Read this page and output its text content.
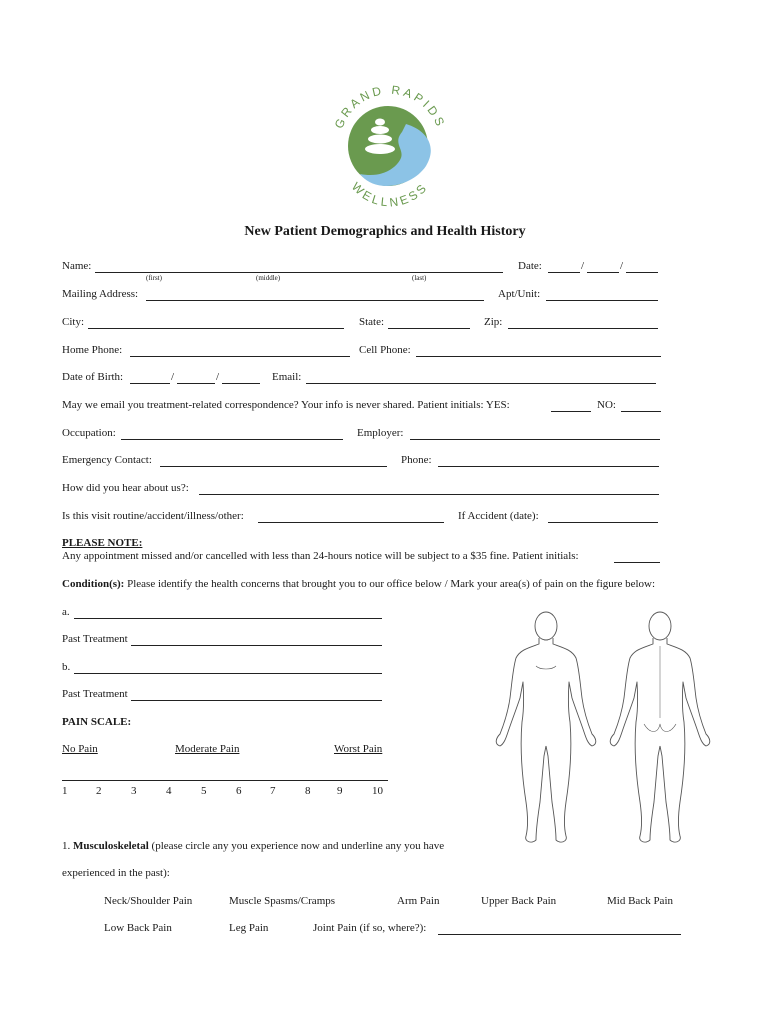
GRAND RAPIDS
WELLNESS
New Patient Demographics and Health History
Name:
(first)	(middle)	(last)
Date:	/	/
Mailing Address:	Apt/Unit:
City:	State:	Zip:
Home Phone:	Cell Phone:
Date of Birth:	/	/	Email:
May we email you treatment-related correspondence? Your info is never shared. Patient initials: YES:	NO:
Occupation:	Employer:
Emergency Contact:	Phone:
How did you hear about us?:
Is this visit routine/accident/illness/other:	If Accident (date):
PLEASE NOTE:
Any appointment missed and/or cancelled with less than 24-hours notice will be subject to a $35 fine. Patient initials:
Condition(s): Please identify the health concerns that brought you to our office below / Mark your area(s) of pain on the figure below:
a.
Past Treatment
b.
Past Treatment
PAIN SCALE:
No Pain	Moderate Pain	Worst Pain
1	2	3	4	5	6	7	8 9	10
1. Musculoskeletal (please circle any you experience now and underline any you have
experienced in the past):
Neck/Shoulder Pain	Muscle Spasms/Cramps	Arm Pain	Upper Back Pain	Mid Back Pain
Low Back Pain	Leg Pain	Joint Pain (if so, where?):
